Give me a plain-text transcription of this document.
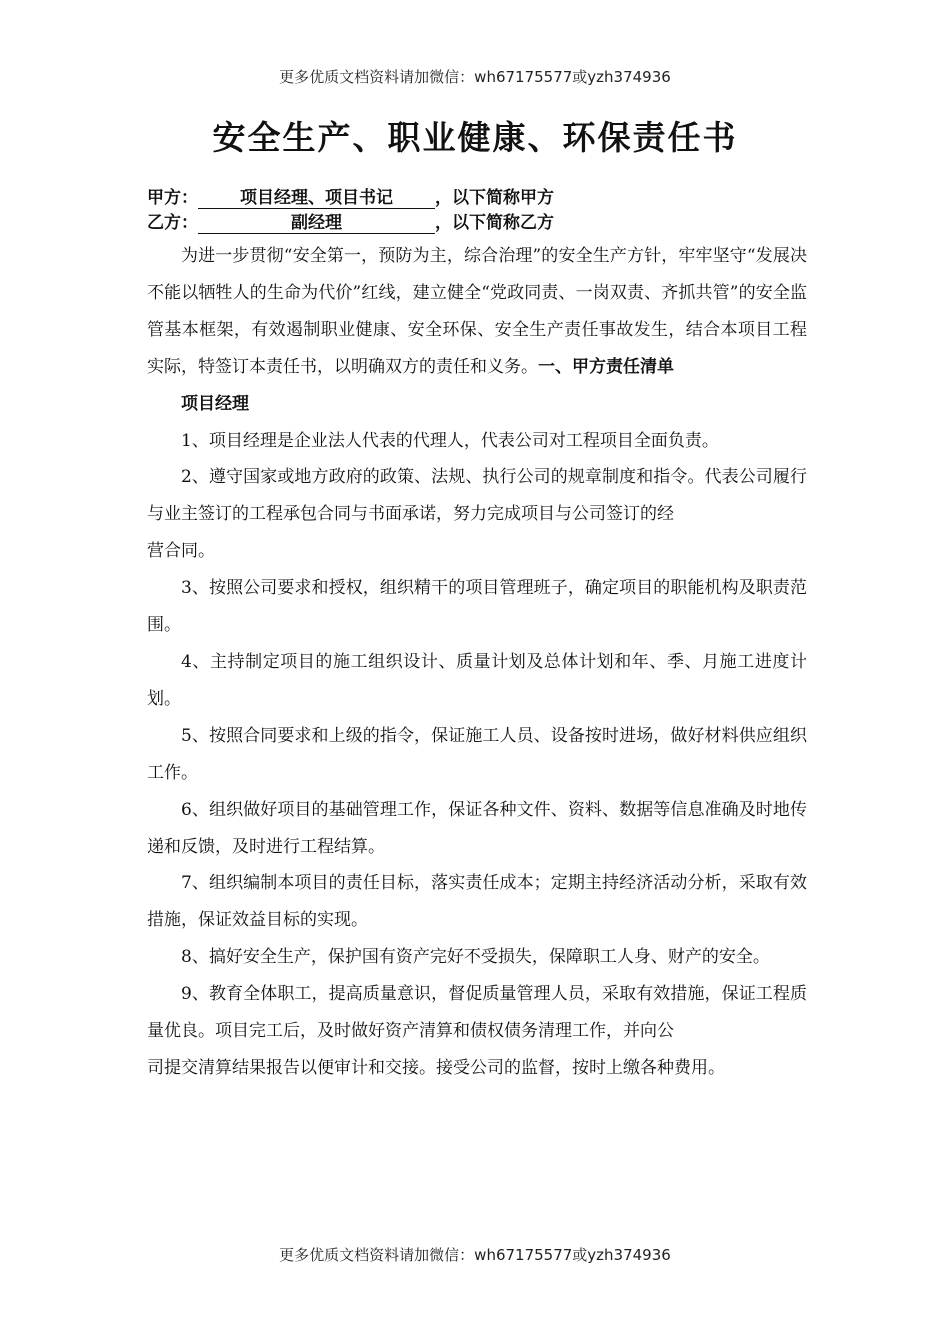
更多优质文档资料请加微信：wh67175577或yzh374936
安全生产、职业健康、环保责任书
甲方： 项目经理、项目书记 ，以下简称甲方
乙方：	副经理	，以下简称乙方

为进一步贯彻“安全第一，预防为主，综合治理”的安全生产方针，牢牢坚守“发展决不能以牺牲人的生命为代价”红线，建立健全“党政同责、一岗双责、齐抓共管”的安全监管基本框架，有效遏制职业健康、安全环保、安全生产责任事故发生，结合本项目工程实际，特签订本责任书，以明确双方的责任和义务。一、甲方责任清单

项目经理

1、项目经理是企业法人代表的代理人，代表公司对工程项目全面负责。

2、遵守国家或地方政府的政策、法规、执行公司的规章制度和指令。代表公司履行与业主签订的工程承包合同与书面承诺，努力完成项目与公司签订的经

营合同。

3、按照公司要求和授权，组织精干的项目管理班子，确定项目的职能机构及职责范围。

4、主持制定项目的施工组织设计、质量计划及总体计划和年、季、月施工进度计划。

5、按照合同要求和上级的指令，保证施工人员、设备按时进场，做好材料供应组织工作。

6、组织做好项目的基础管理工作，保证各种文件、资料、数据等信息准确及时地传递和反馈，及时进行工程结算。

7、组织编制本项目的责任目标，落实责任成本；定期主持经济活动分析，采取有效措施，保证效益目标的实现。

8、搞好安全生产，保护国有资产完好不受损失，保障职工人身、财产的安全。

9、教育全体职工，提高质量意识，督促质量管理人员，采取有效措施，保证工程质量优良。项目完工后，及时做好资产清算和债权债务清理工作，并向公

司提交清算结果报告以便审计和交接。接受公司的监督，按时上缴各种费用。

更多优质文档资料请加微信：wh67175577或yzh374936
